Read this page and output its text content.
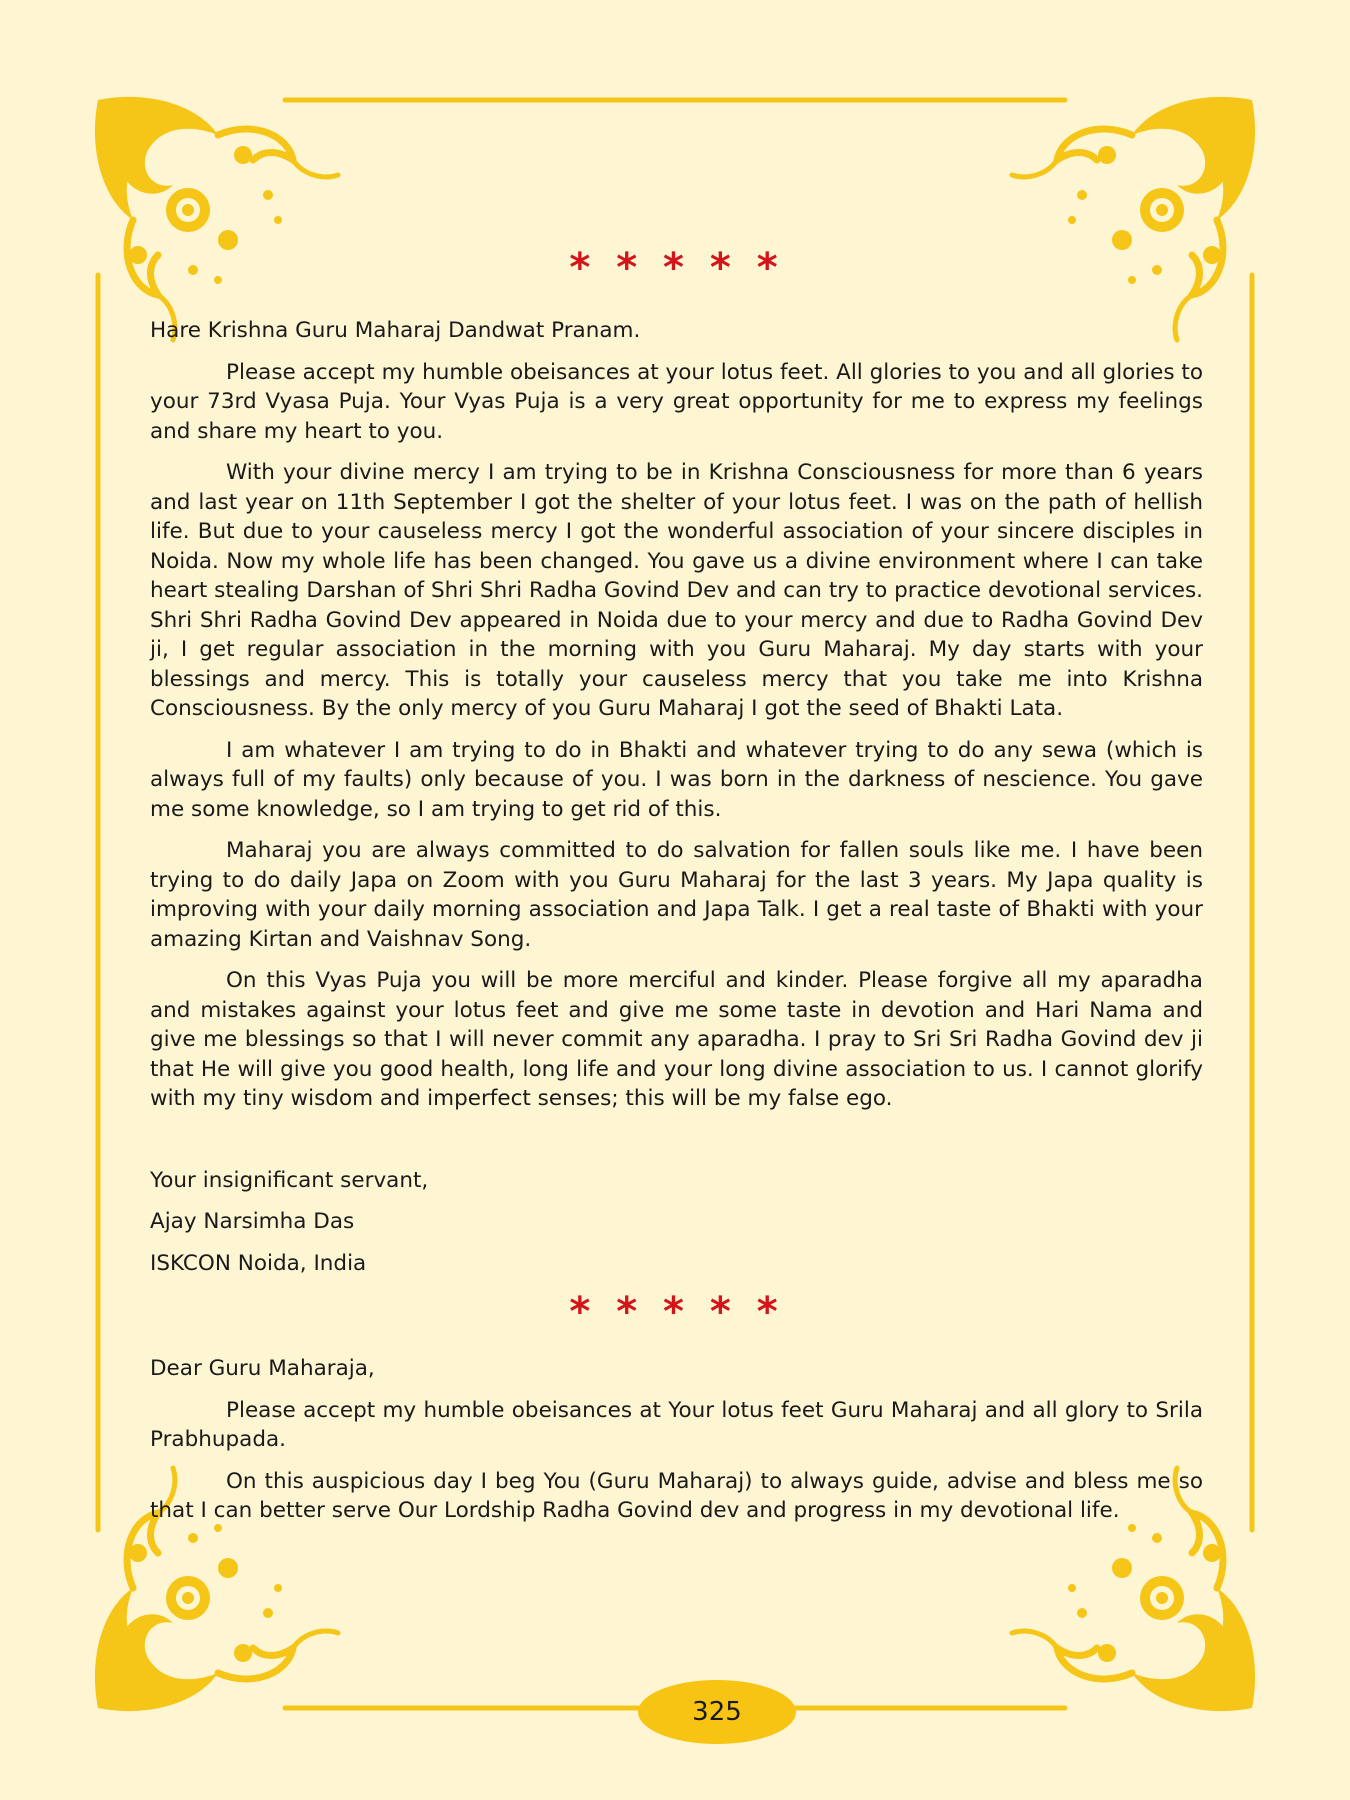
* * * * *

Hare Krishna Guru Maharaj Dandwat Pranam.

Please accept my humble obeisances at your lotus feet. All glories to you and all glories to your 73rd Vyasa Puja. Your Vyas Puja is a very great opportunity for me to express my feelings and share my heart to you.

With your divine mercy I am trying to be in Krishna Consciousness for more than 6 years and last year on 11th September I got the shelter of your lotus feet. I was on the path of hellish life. But due to your causeless mercy I got the wonderful association of your sincere disciples in Noida. Now my whole life has been changed. You gave us a divine environment where I can take heart stealing Darshan of Shri Shri Radha Govind Dev and can try to practice devotional services. Shri Shri Radha Govind Dev appeared in Noida due to your mercy and due to Radha Govind Dev ji, I get regular association in the morning with you Guru Maharaj. My day starts with your blessings and mercy. This is totally your causeless mercy that you take me into Krishna Consciousness. By the only mercy of you Guru Maharaj I got the seed of Bhakti Lata.

I am whatever I am trying to do in Bhakti and whatever trying to do any sewa (which is always full of my faults) only because of you. I was born in the darkness of nescience. You gave me some knowledge, so I am trying to get rid of this.

Maharaj you are always committed to do salvation for fallen souls like me. I have been trying to do daily Japa on Zoom with you Guru Maharaj for the last 3 years. My Japa quality is improving with your daily morning association and Japa Talk. I get a real taste of Bhakti with your amazing Kirtan and Vaishnav Song.

On this Vyas Puja you will be more merciful and kinder. Please forgive all my aparadha and mistakes against your lotus feet and give me some taste in devotion and Hari Nama and give me blessings so that I will never commit any aparadha. I pray to Sri Sri Radha Govind dev ji that He will give you good health, long life and your long divine association to us. I cannot glorify with my tiny wisdom and imperfect senses; this will be my false ego.

Your insignificant servant,

Ajay Narsimha Das

ISKCON Noida, India

* * * * *

Dear Guru Maharaja,

Please accept my humble obeisances at Your lotus feet Guru Maharaj and all glory to Srila Prabhupada.

On this auspicious day I beg You (Guru Maharaj) to always guide, advise and bless me so that I can better serve Our Lordship Radha Govind dev and progress in my devotional life.

325
